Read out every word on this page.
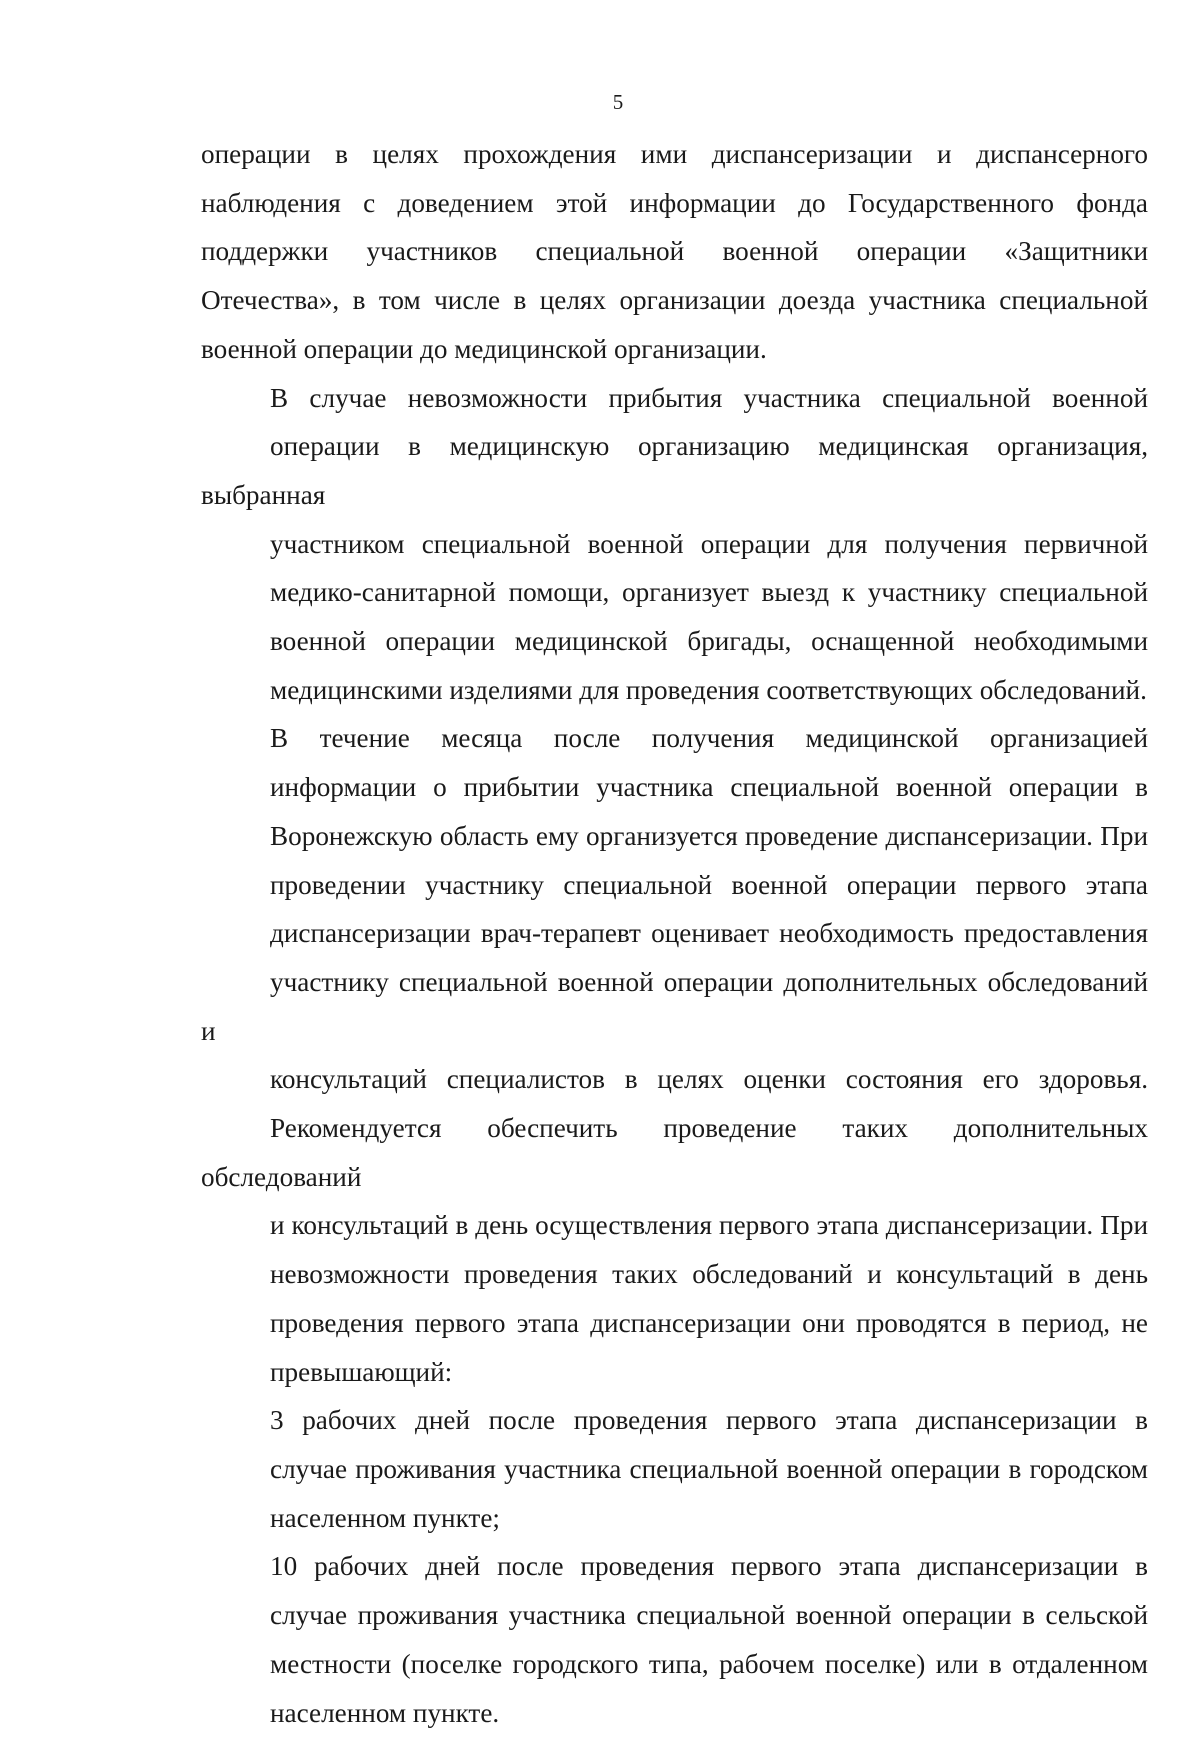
5

операции в целях прохождения ими диспансеризации и диспансерного
наблюдения с доведением этой информации до Государственного фонда
поддержки участников специальной военной операции «Защитники
Отечества», в том числе в целях организации доезда участника специальной
военной операции до медицинской организации.

В случае невозможности прибытия участника специальной военной
операции в медицинскую организацию медицинская организация, выбранная
участником специальной военной операции для получения первичной
медико-санитарной помощи, организует выезд к участнику специальной
военной операции медицинской бригады, оснащенной необходимыми
медицинскими изделиями для проведения соответствующих обследований.

В течение месяца после получения медицинской организацией
информации о прибытии участника специальной военной операции в
Воронежскую область ему организуется проведение диспансеризации. При
проведении участнику специальной военной операции первого этапа
диспансеризации врач-терапевт оценивает необходимость предоставления
участнику специальной военной операции дополнительных обследований и
консультаций специалистов в целях оценки состояния его здоровья.
Рекомендуется обеспечить проведение таких дополнительных обследований
и консультаций в день осуществления первого этапа диспансеризации. При
невозможности проведения таких обследований и консультаций в день
проведения первого этапа диспансеризации они проводятся в период, не
превышающий:

3 рабочих дней после проведения первого этапа диспансеризации в
случае проживания участника специальной военной операции в городском
населенном пункте;

10 рабочих дней после проведения первого этапа диспансеризации в
случае проживания участника специальной военной операции в сельской
местности (поселке городского типа, рабочем поселке) или в отдаленном
населенном пункте.
